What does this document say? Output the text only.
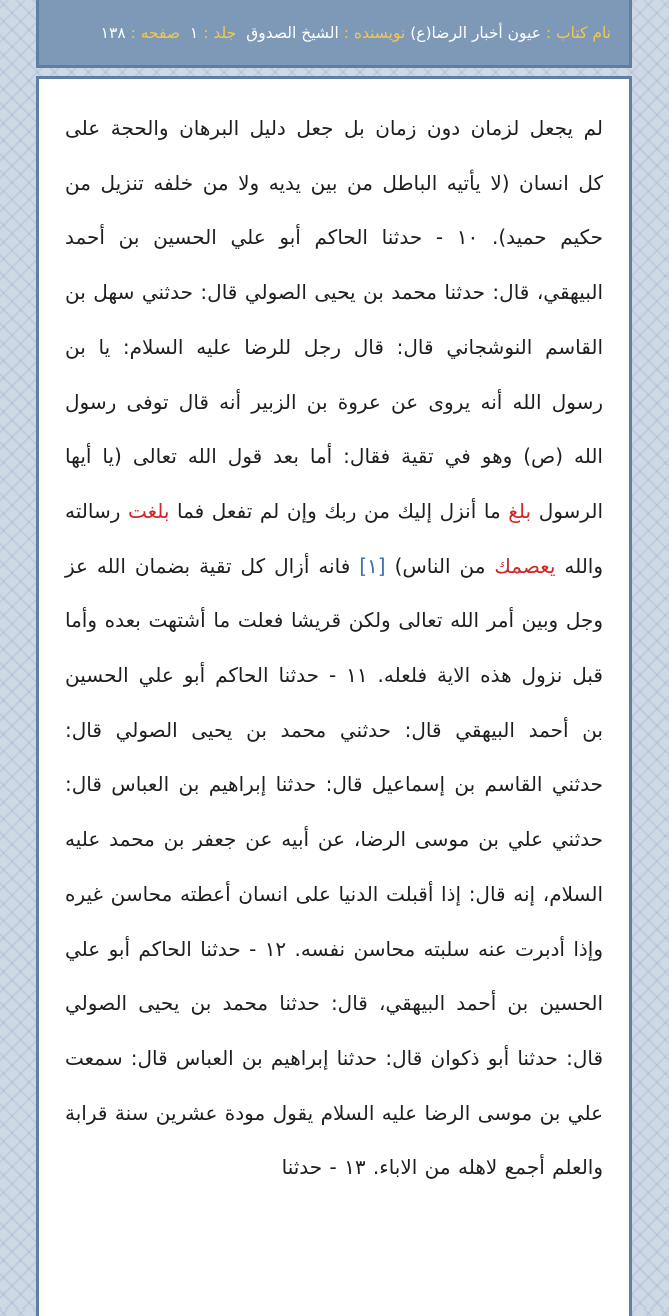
نام کتاب :

عيون أخبار الرضا(ع)

نويسنده :

الشيخ الصدوق
جلد :

١

صفحه :

١٣٨

لم يجعل لزمان دون زمان بل جعل دليل البرهان والحجة على كل انسان (لا يأتيه الباطل من بين يديه ولا من خلفه تنزيل من حكيم حميد). ١٠ - حدثنا الحاكم أبو علي الحسين بن أحمد البيهقي، قال: حدثنا محمد بن يحيى الصولي قال: حدثني سهل بن القاسم النوشجاني قال: قال رجل للرضا عليه السلام: يا بن رسول الله أنه يروى عن عروة بن الزبير أنه قال توفى رسول الله (ص) وهو في تقية فقال: أما بعد قول الله تعالى (يا أيها الرسول بلغ ما أنزل إليك من ربك وإن لم تفعل فما بلغت رسالته والله يعصمك من الناس) [١] فانه أزال كل تقية بضمان الله عز وجل وبين أمر الله تعالى ولكن قريشا فعلت ما أشتهت بعده وأما قبل نزول هذه الاية فلعله. ١١ - حدثنا الحاكم أبو علي الحسين بن أحمد البيهقي قال: حدثني محمد بن يحيى الصولي قال: حدثني القاسم بن إسماعيل قال: حدثنا إبراهيم بن العباس قال: حدثني علي بن موسى الرضا، عن أبيه عن جعفر بن محمد عليه السلام، إنه قال: إذا أقبلت الدنيا على انسان أعطته محاسن غيره وإذا أدبرت عنه سلبته محاسن نفسه. ١٢ - حدثنا الحاكم أبو علي الحسين بن أحمد البيهقي، قال: حدثنا محمد بن يحيى الصولي قال: حدثنا أبو ذكوان قال: حدثنا إبراهيم بن العباس قال: سمعت علي بن موسى الرضا عليه السلام يقول مودة عشرين سنة قرابة والعلم أجمع لاهله من الاباء. ١٣ - حدثنا
